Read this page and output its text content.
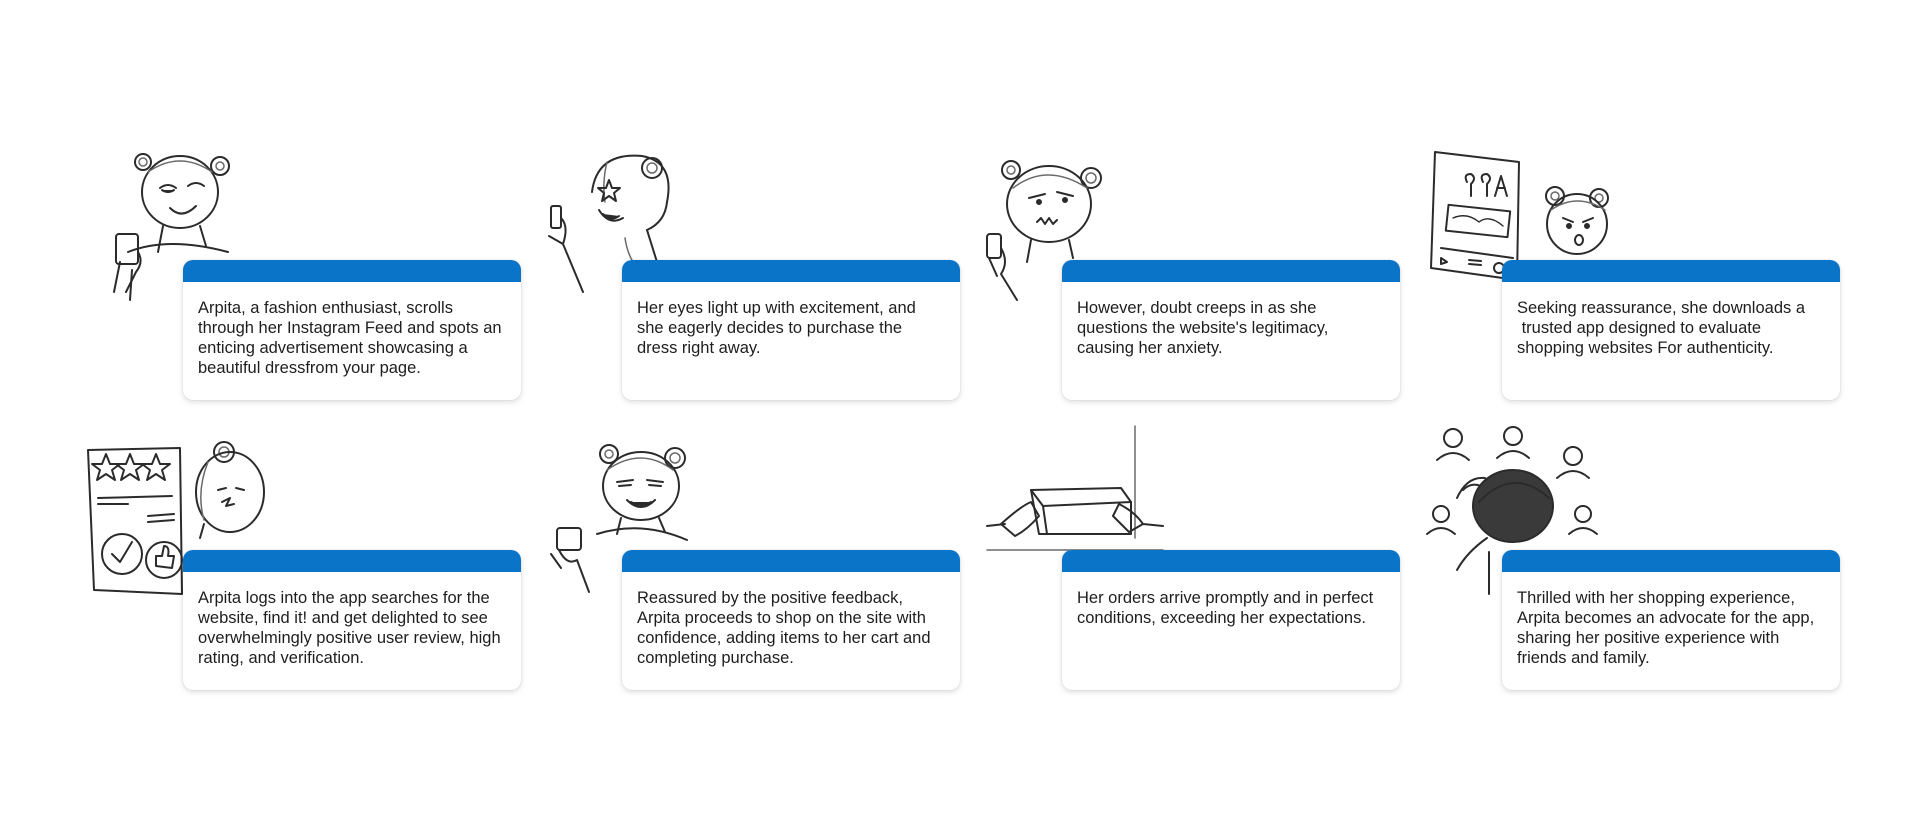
Arpita, a fashion enthusiast, scrolls through her Instagram Feed and spots an enticing advertisement showcasing a beautiful dressfrom your page.
Her eyes light up with excitement, and she eagerly decides to purchase the dress right away.
However, doubt creeps in as she questions the website's legitimacy, causing her anxiety.
Seeking reassurance, she downloads a
trusted app designed to evaluate shopping websites For authenticity.
Arpita logs into the app searches for the website, find it! and get delighted to see overwhelmingly positive user review, high rating, and verification.
Reassured by the positive feedback, Arpita proceeds to shop on the site with confidence, adding items to her cart and completing purchase.
Her orders arrive promptly and in perfect conditions, exceeding her expectations.
Thrilled with her shopping experience, Arpita becomes an advocate for the app, sharing her positive experience with friends and family.
